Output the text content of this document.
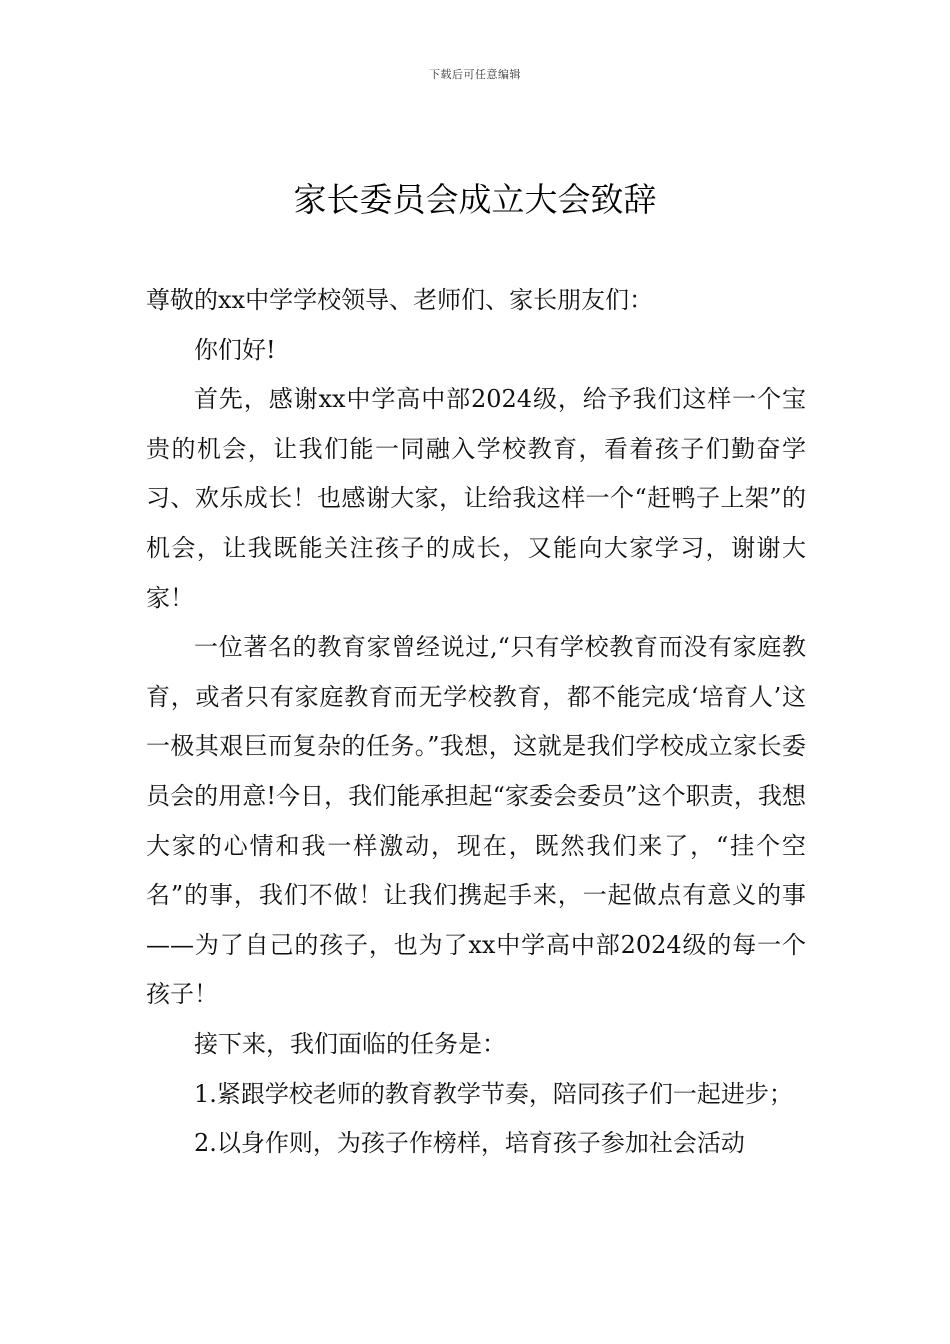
下载后可任意编辑
家长委员会成立大会致辞

尊敬的xx中学学校领导、老师们、家长朋友们：

你们好!

首先，感谢xx中学高中部2024级，给予我们这样一个宝贵的机会，让我们能一同融入学校教育，看着孩子们勤奋学习、欢乐成长！也感谢大家，让给我这样一个“赶鸭子上架”的机会，让我既能关注孩子的成长，又能向大家学习，谢谢大家！

一位著名的教育家曾经说过,“只有学校教育而没有家庭教育，或者只有家庭教育而无学校教育，都不能完成‘培育人’这一极其艰巨而复杂的任务。”我想，这就是我们学校成立家长委员会的用意!今日，我们能承担起“家委会委员”这个职责，我想大家的心情和我一样激动，现在，既然我们来了，“挂个空名”的事，我们不做！让我们携起手来，一起做点有意义的事——为了自己的孩子，也为了xx中学高中部2024级的每一个孩子！

接下来，我们面临的任务是：

1.紧跟学校老师的教育教学节奏，陪同孩子们一起进步；

2.以身作则，为孩子作榜样，培育孩子参加社会活动
